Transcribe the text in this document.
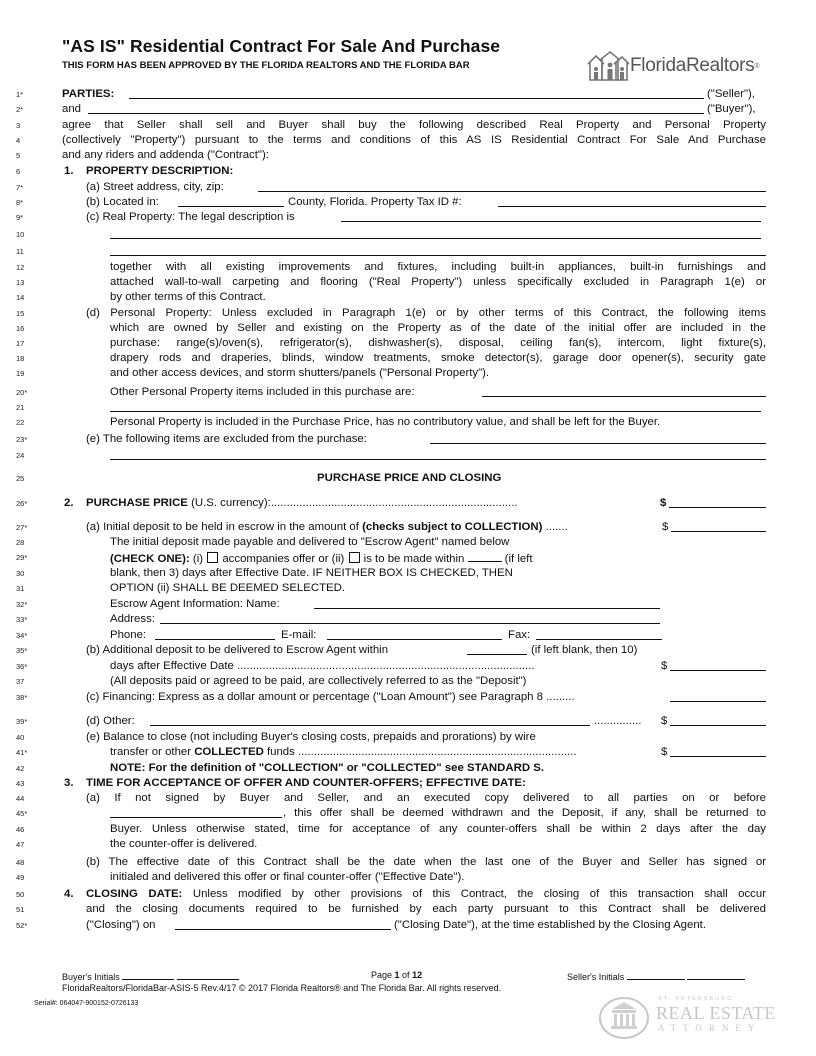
"AS IS" Residential Contract For Sale And Purchase
THIS FORM HAS BEEN APPROVED BY THE FLORIDA REALTORS AND THE FLORIDA BAR	FloridaRealtors ®
1*	PARTIES:	("Seller"),
2*	and	("Buyer"),
3	agree that Seller shall sell and Buyer shall buy the following described Real Property and Personal Property
4	(collectively "Property") pursuant to the terms and conditions of this AS IS Residential Contract For Sale And Purchase
5	and any riders and addenda ("Contract"):
6	1. PROPERTY DESCRIPTION:
7*	(a) Street address, city, zip:
8*	(b) Located in:	County, Florida. Property Tax ID #:
9*	(c) Real Property: The legal description is
10
11
12	together with all existing improvements and fixtures, including built-in appliances, built-in furnishings and
13	attached wall-to-wall carpeting and flooring ("Real Property") unless specifically excluded in Paragraph 1(e) or
14	by other terms of this Contract.
15	(d) Personal Property: Unless excluded in Paragraph 1(e) or by other terms of this Contract, the following items
16	which are owned by Seller and existing on the Property as of the date of the initial offer are included in the
17	purchase: range(s)/oven(s), refrigerator(s), dishwasher(s), disposal, ceiling fan(s), intercom, light fixture(s),
18	drapery rods and draperies, blinds, window treatments, smoke detector(s), garage door opener(s), security gate
19	and other access devices, and storm shutters/panels ("Personal Property").
20*	Other Personal Property items included in this purchase are:
21
22	Personal Property is included in the Purchase Price, has no contributory value, and shall be left for the Buyer.
23*	(e) The following items are excluded from the purchase:
24
25	PURCHASE PRICE AND CLOSING
26*	2. PURCHASE PRICE (U.S. currency):..............................................................................	$
27*	(a) Initial deposit to be held in escrow in the amount of (checks subject to COLLECTION) .......	$
28	The initial deposit made payable and delivered to "Escrow Agent" named below
29*	(CHECK ONE): (i)  accompanies offer or (ii)  is to be made within	(if left
30	blank, then 3) days after Effective Date. IF NEITHER BOX IS CHECKED, THEN
31	OPTION (ii) SHALL BE DEEMED SELECTED.
32*	Escrow Agent Information: Name:
33*	Address:
34*	Phone:	E-mail:	Fax:
35*	(b) Additional deposit to be delivered to Escrow Agent within	(if left blank, then 10)
36*	days after Effective Date ..............................................................................................	$
37	(All deposits paid or agreed to be paid, are collectively referred to as the "Deposit")
38*	(c) Financing: Express as a dollar amount or percentage ("Loan Amount") see Paragraph 8 .........
39*	(d) Other:	............... $
40	(e) Balance to close (not including Buyer's closing costs, prepaids and prorations) by wire
41*	transfer or other COLLECTED funds ........................................................................................	$
42	NOTE: For the definition of "COLLECTION" or "COLLECTED" see STANDARD S.
43	3. TIME FOR ACCEPTANCE OF OFFER AND COUNTER-OFFERS; EFFECTIVE DATE:
44	(a) If not signed by Buyer and Seller, and an executed copy delivered to all parties on or before
45*	, this offer shall be deemed withdrawn and the Deposit, if any, shall be returned to
46	Buyer. Unless otherwise stated, time for acceptance of any counter-offers shall be within 2 days after the day
47	the counter-offer is delivered.
48	(b) The effective date of this Contract shall be the date when the last one of the Buyer and Seller has signed or
49	initialed and delivered this offer or final counter-offer ("Effective Date").
50	4. CLOSING DATE: Unless modified by other provisions of this Contract, the closing of this transaction shall occur
51	and the closing documents required to be furnished by each party pursuant to this Contract shall be delivered
52*	("Closing") on	("Closing Date"), at the time established by the Closing Agent.
Buyer's Initials	Page 1 of 12	Seller's Initials
FloridaRealtors/FloridaBar-ASIS-5 Rev.4/17 © 2017 Florida Realtors® and The Florida Bar. All rights reserved.
Serial#: 064047-900152-0726133
ST. PETERSBURG
REAL ESTATE
ATTORNEY
